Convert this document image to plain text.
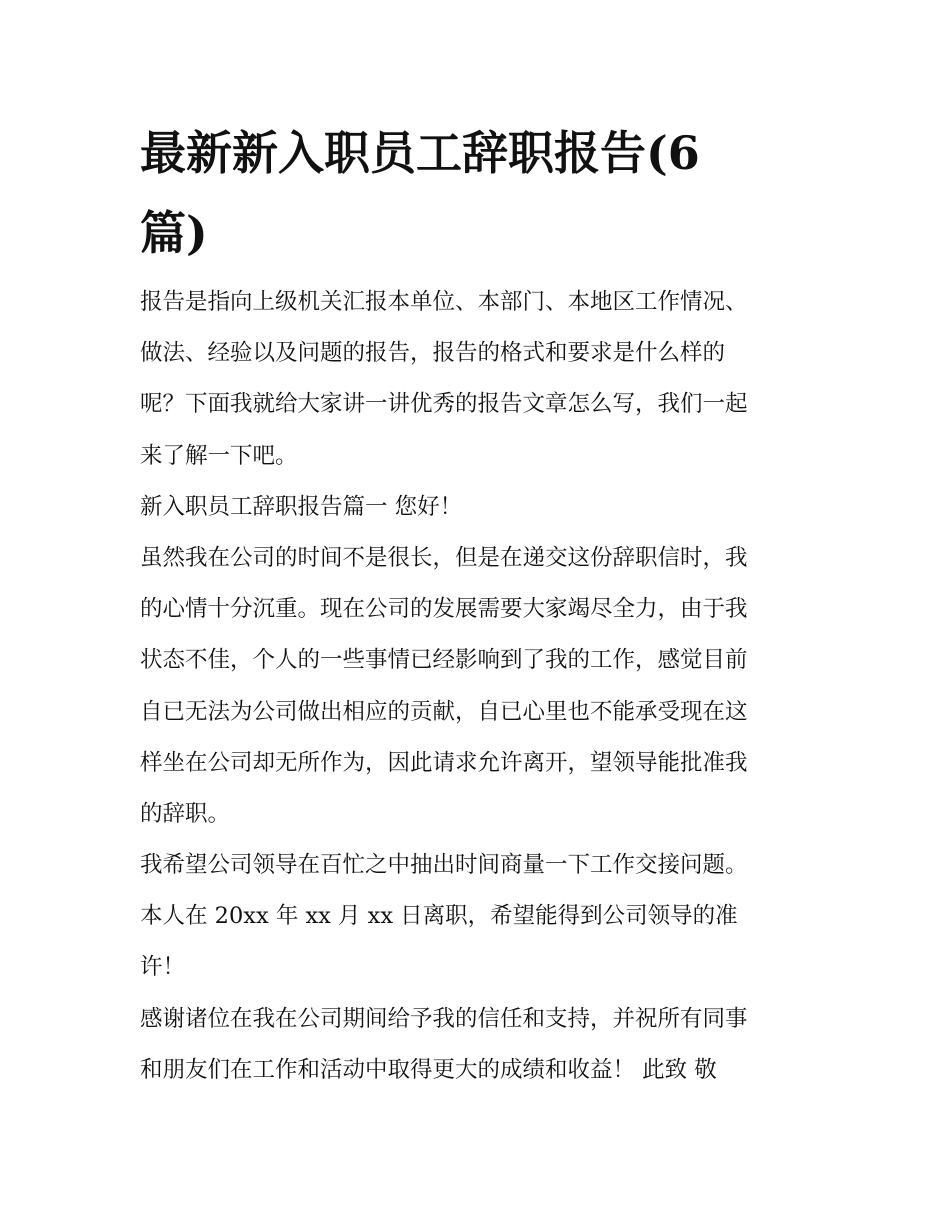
最新新入职员工辞职报告(6
篇)
报告是指向上级机关汇报本单位、本部门、本地区工作情况、
做法、经验以及问题的报告，报告的格式和要求是什么样的
呢？下面我就给大家讲一讲优秀的报告文章怎么写，我们一起
来了解一下吧。
新入职员工辞职报告篇一 您好！
虽然我在公司的时间不是很长，但是在递交这份辞职信时，我
的心情十分沉重。现在公司的发展需要大家竭尽全力，由于我
状态不佳，个人的一些事情已经影响到了我的工作，感觉目前
自已无法为公司做出相应的贡献，自已心里也不能承受现在这
样坐在公司却无所作为，因此请求允许离开，望领导能批准我
的辞职。
我希望公司领导在百忙之中抽出时间商量一下工作交接问题。
本人在 20xx 年 xx 月 xx 日离职，希望能得到公司领导的准
许！
感谢诸位在我在公司期间给予我的信任和支持，并祝所有同事
和朋友们在工作和活动中取得更大的成绩和收益！ 此致 敬
